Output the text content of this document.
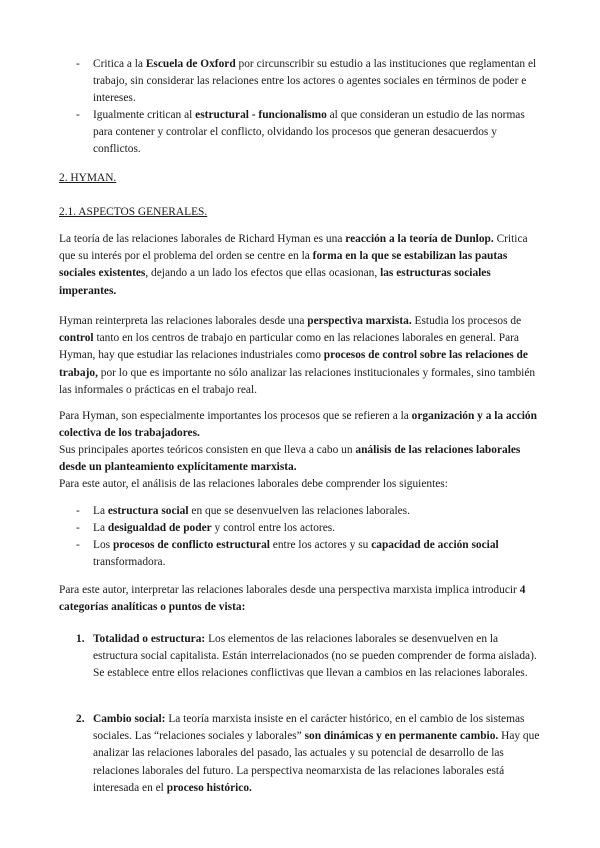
- Critica a la Escuela de Oxford por circunscribir su estudio a las instituciones que reglamentan el trabajo, sin considerar las relaciones entre los actores o agentes sociales en términos de poder e intereses.

- Igualmente critican al estructural - funcionalismo al que consideran un estudio de las normas para contener y controlar el conflicto, olvidando los procesos que generan desacuerdos y conflictos.

2. HYMAN.
2.1. ASPECTOS GENERALES.

La teoría de las relaciones laborales de Richard Hyman es una reacción a la teoría de Dunlop. Critica que su interés por el problema del orden se centre en la forma en la que se estabilizan las pautas sociales existentes, dejando a un lado los efectos que ellas ocasionan, las estructuras sociales imperantes.

Hyman reinterpreta las relaciones laborales desde una perspectiva marxista. Estudia los procesos de control tanto en los centros de trabajo en particular como en las relaciones laborales en general. Para Hyman, hay que estudiar las relaciones industriales como procesos de control sobre las relaciones de trabajo, por lo que es importante no sólo analizar las relaciones institucionales y formales, sino también las informales o prácticas en el trabajo real.

Para Hyman, son especialmente importantes los procesos que se refieren a la organización y a la acción colectiva de los trabajadores.

Sus principales aportes teóricos consisten en que lleva a cabo un análisis de las relaciones laborales desde un planteamiento explícitamente marxista.

Para este autor, el análisis de las relaciones laborales debe comprender los siguientes:

- La estructura social en que se desenvuelven las relaciones laborales.

- La desigualdad de poder y control entre los actores.

- Los procesos de conflicto estructural entre los actores y su capacidad de acción social transformadora.

Para este autor, interpretar las relaciones laborales desde una perspectiva marxista implica introducir 4 categorías analíticas o puntos de vista:

1. Totalidad o estructura: Los elementos de las relaciones laborales se desenvuelven en la estructura social capitalista. Están interrelacionados (no se pueden comprender de forma aislada). Se establece entre ellos relaciones conflictivas que llevan a cambios en las relaciones laborales.

2. Cambio social: La teoría marxista insiste en el carácter histórico, en el cambio de los sistemas sociales. Las “relaciones sociales y laborales” son dinámicas y en permanente cambio. Hay que analizar las relaciones laborales del pasado, las actuales y su potencial de desarrollo de las relaciones laborales del futuro. La perspectiva neomarxista de las relaciones laborales está interesada en el proceso histórico.
